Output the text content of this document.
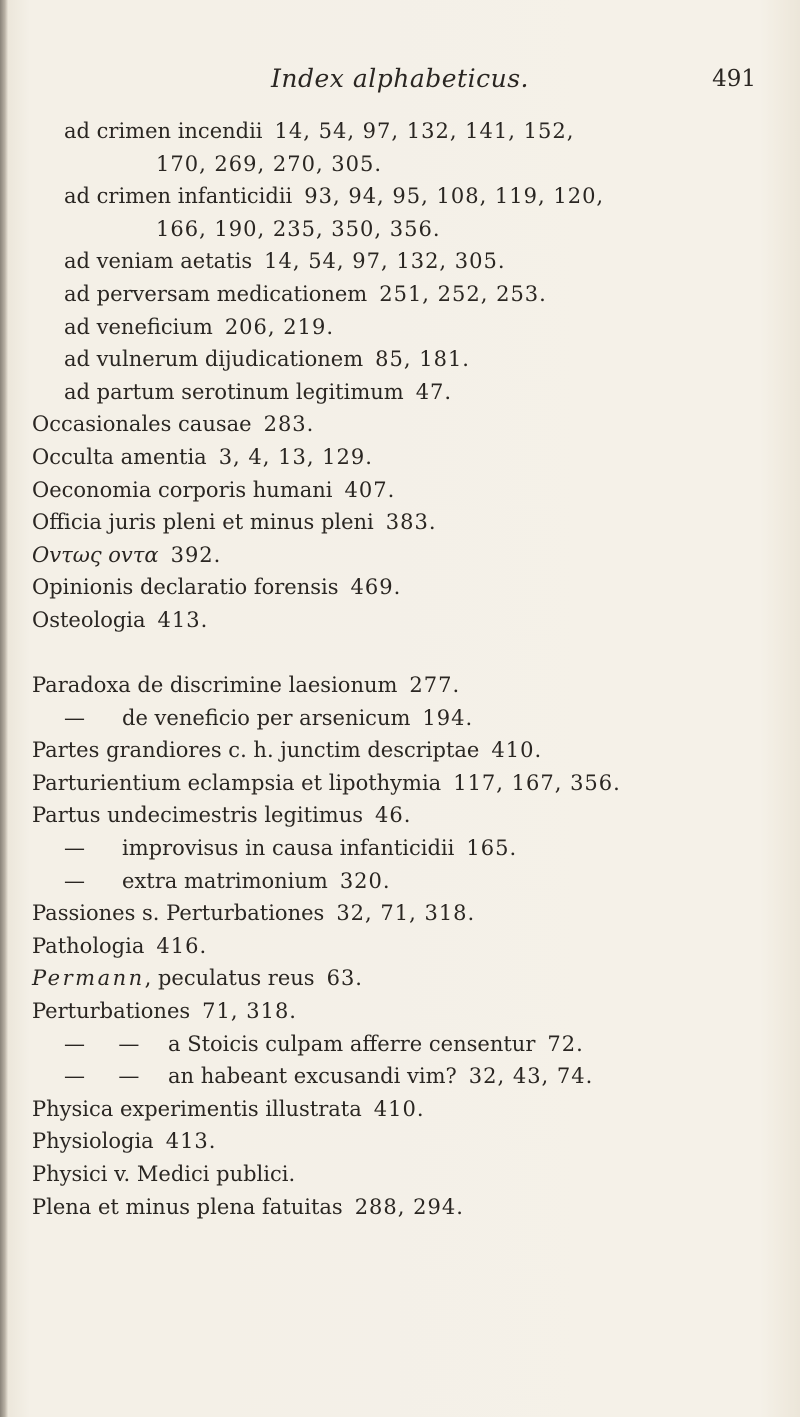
Index alphabeticus.	491
ad crimen incendii 14, 54, 97, 132, 141, 152,
170, 269, 270, 305.
ad crimen infanticidii 93, 94, 95, 108, 119, 120,
166, 190, 235, 350, 356.
ad veniam aetatis 14, 54, 97, 132, 305.
ad perversam medicationem 251, 252, 253.
ad veneficium 206, 219.
ad vulnerum dijudicationem 85, 181.
ad partum serotinum legitimum 47.
Occasionales causae 283.
Occulta amentia 3, 4, 13, 129.
Oeconomia corporis humani 407.
Officia juris pleni et minus pleni 383.
Ovτως ovτα 392.
Opinionis declaratio forensis 469.
Osteologia 413.
Paradoxa de discrimine laesionum 277.
— de veneficio per arsenicum 194.
Partes grandiores c. h. junctim descriptae 410.
Parturientium eclampsia et lipothymia 117, 167, 356.
Partus undecimestris legitimus 46.
— improvisus in causa infanticidii 165.
— extra matrimonium 320.
Passiones s. Perturbationes 32, 71, 318.
Pathologia 416.
Permann, peculatus reus 63.
Perturbationes 71, 318.
—     — a Stoicis culpam afferre censentur 72.
—     — an habeant excusandi vim? 32, 43, 74.
Physica experimentis illustrata 410.
Physiologia 413.
Physici v. Medici publici.
Plena et minus plena fatuitas 288, 294.
